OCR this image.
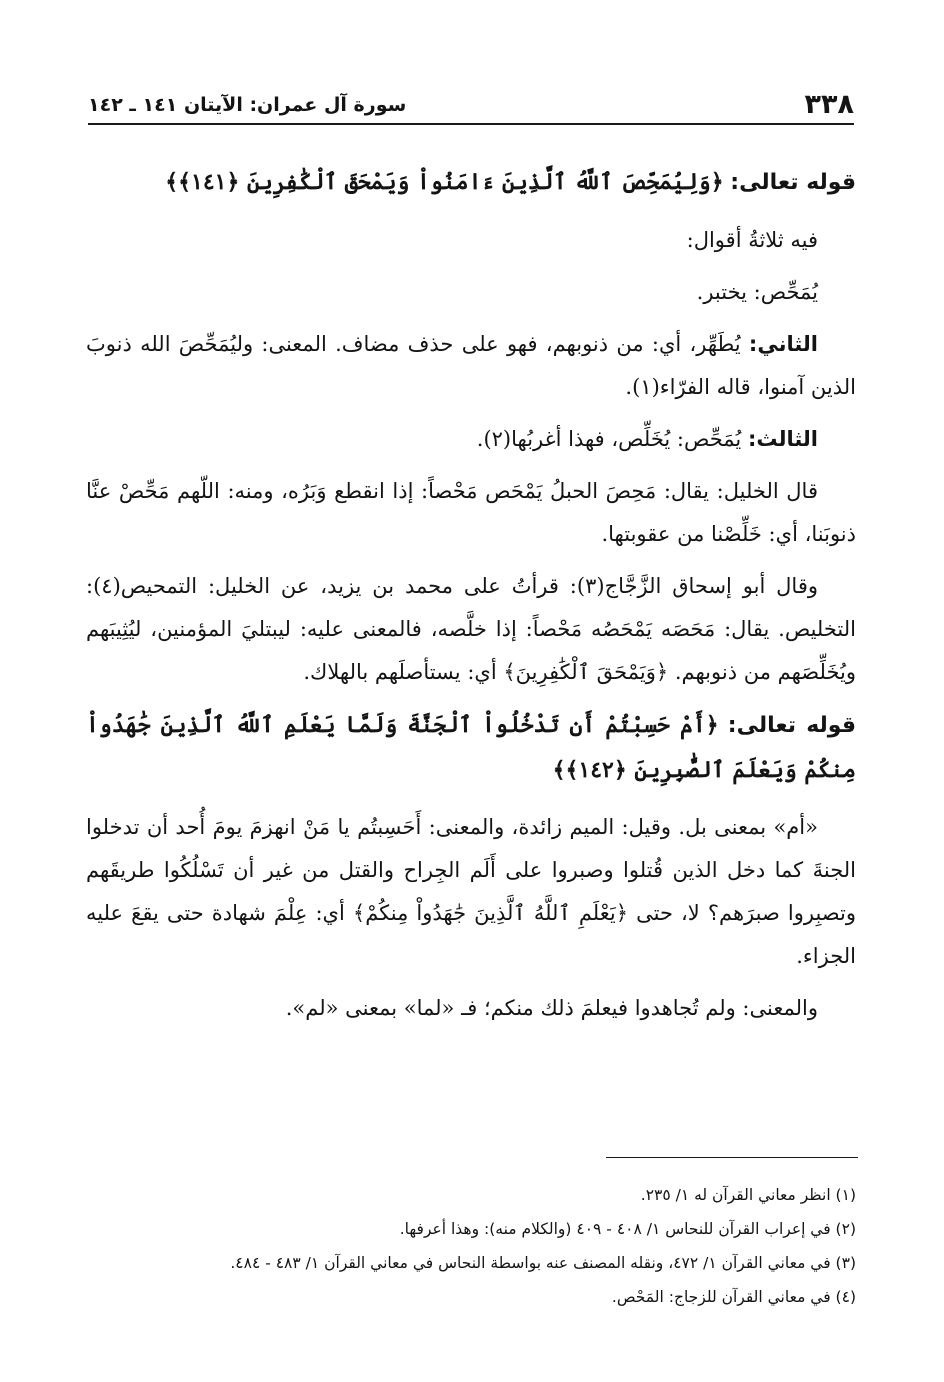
٣٣٨
سورة آل عمران: الآيتان ١٤١ ـ ١٤٢

قوله تعالى: ﴿وَلِيُمَحِّصَ ٱللَّهُ ٱلَّذِينَ ءَامَنُواْ وَيَمْحَقَ ٱلْكَٰفِرِينَ ﴿١٤١﴾﴾

فيه ثلاثةُ أقوال:

يُمَحِّص: يختبر.

الثاني: يُطَهِّر، أي: من ذنوبهم، فهو على حذف مضاف. المعنى: وليُمَحِّصَ الله ذنوبَ الذين آمنوا، قاله الفرّاء(١).

الثالث: يُمَحِّص: يُخَلِّص، فهذا أغربُها(٢).

قال الخليل: يقال: مَحِصَ الحبلُ يَمْحَص مَحْصاً: إذا انقطع وَبَرُه، ومنه: اللّهم مَحِّصْ عنَّا ذنوبَنا، أي: خَلِّصْنا من عقوبتها.

وقال أبو إسحاق الزَّجَّاج(٣): قرأتُ على محمد بن يزيد، عن الخليل: التمحيص(٤): التخليص. يقال: مَحَصَه يَمْحَصُه مَحْصاً: إذا خلَّصه، فالمعنى عليه: ليبتليَ المؤمنين، ليُثِيبَهم ويُخَلِّصَهم من ذنوبهم. ﴿وَيَمْحَقَ ٱلْكَٰفِرِينَ﴾ أي: يستأصلَهم بالهلاك.

قوله تعالى: ﴿أَمْ حَسِبْتُمْ أَن تَدْخُلُواْ ٱلْجَنَّةَ وَلَمَّا يَعْلَمِ ٱللَّهُ ٱلَّذِينَ جَٰهَدُواْ مِنكُمْ وَيَعْلَمَ ٱلصَّٰبِرِينَ ﴿١٤٢﴾﴾

«أم» بمعنى بل. وقيل: الميم زائدة، والمعنى: أَحَسِبتُم يا مَنْ انهزمَ يومَ أُحد أن تدخلوا الجنةَ كما دخل الذين قُتلوا وصبروا على أَلَم الجِراح والقتل من غير أن تَسْلُكُوا طريقَهم وتصبِروا صبرَهم؟ لا، حتى ﴿يَعْلَمِ ٱللَّهُ ٱلَّذِينَ جَٰهَدُواْ مِنكُمْ﴾ أي: عِلْمَ شهادة حتى يقعَ عليه الجزاء.

والمعنى: ولم تُجاهدوا فيعلمَ ذلك منكم؛ فـ «لما» بمعنى «لم».

(١) انظر معاني القرآن له ١/ ٢٣٥.
(٢) في إعراب القرآن للنحاس ١/ ٤٠٨ - ٤٠٩ (والكلام منه): وهذا أعرفها.
(٣) في معاني القرآن ١/ ٤٧٢، ونقله المصنف عنه بواسطة النحاس في معاني القرآن ١/ ٤٨٣ - ٤٨٤.
(٤) في معاني القرآن للزجاج: المَحْص.
